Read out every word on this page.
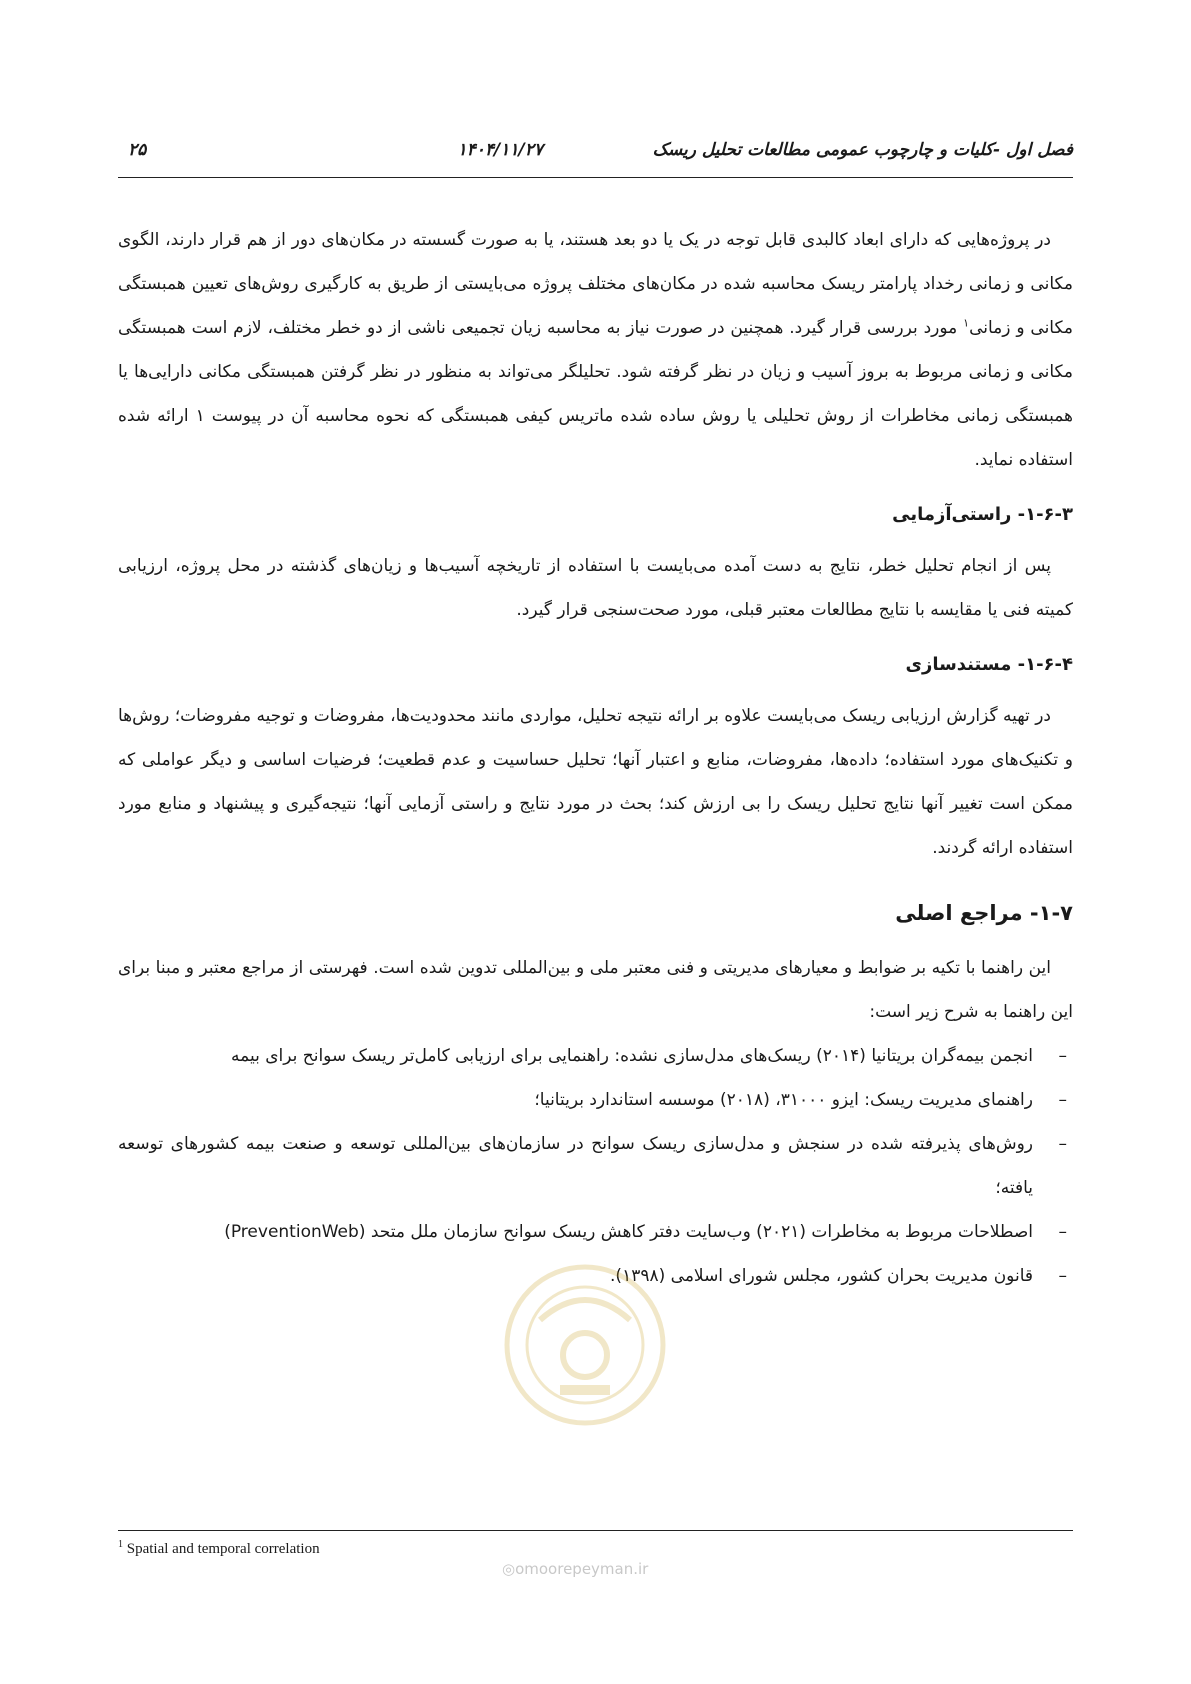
فصل اول -کلیات و چارچوب عمومی مطالعات تحلیل ریسک
۱۴۰۴/۱۱/۲۷
۲۵

در پروژه‌هایی که دارای ابعاد کالبدی قابل توجه در یک یا دو بعد هستند، یا به صورت گسسته در مکان‌های دور از هم قرار دارند، الگوی مکانی و زمانی رخداد پارامتر ریسک محاسبه شده در مکان‌های مختلف پروژه می‌بایستی از طریق به کارگیری روش‌های تعیین همبستگی مکانی و زمانی$^۱$ مورد بررسی قرار گیرد. همچنین در صورت نیاز به محاسبه زیان تجمیعی ناشی از دو خطر مختلف، لازم است همبستگی مکانی و زمانی مربوط به بروز آسیب و زیان در نظر گرفته شود. تحلیلگر می‌تواند به منظور در نظر گرفتن همبستگی مکانی دارایی‌ها یا همبستگی زمانی مخاطرات از روش تحلیلی یا روش ساده شده ماتریس کیفی همبستگی که نحوه محاسبه آن در پیوست ۱ ارائه شده استفاده نماید.

۱-۶-۳- راستی‌آزمایی

پس از انجام تحلیل خطر، نتایج به دست آمده می‌بایست با استفاده از تاریخچه آسیب‌ها و زیان‌های گذشته در محل پروژه، ارزیابی کمیته فنی یا مقایسه با نتایج مطالعات معتبر قبلی، مورد صحت‌سنجی قرار گیرد.

۱-۶-۴- مستندسازی

در تهیه گزارش ارزیابی ریسک می‌بایست علاوه بر ارائه نتیجه تحلیل، مواردی مانند محدودیت‌ها، مفروضات و توجیه مفروضات؛ روش‌ها و تکنیک‌های مورد استفاده؛ داده‌ها، مفروضات، منابع و اعتبار آنها؛ تحلیل حساسیت و عدم قطعیت؛ فرضیات اساسی و دیگر عواملی که ممکن است تغییر آنها نتایج تحلیل ریسک را بی ارزش کند؛ بحث در مورد نتایج و راستی آزمایی آنها؛ نتیجه‌گیری و پیشنهاد و منابع مورد استفاده ارائه گردند.

۱-۷- مراجع اصلی

این راهنما با تکیه بر ضوابط و معیارهای مدیریتی و فنی معتبر ملی و بین‌المللی تدوین شده است. فهرستی از مراجع معتبر و مبنا برای این راهنما به شرح زیر است:

–
انجمن بیمه‌گران بریتانیا (۲۰۱۴) ریسک‌های مدل‌سازی نشده: راهنمایی برای ارزیابی کامل‌تر ریسک سوانح برای بیمه
–
راهنمای مدیریت ریسک: ایزو ۳۱۰۰۰، (۲۰۱۸) موسسه استاندارد بریتانیا؛
–
روش‌های پذیرفته شده در سنجش و مدل‌سازی ریسک سوانح در سازمان‌های بین‌المللی توسعه و صنعت بیمه کشورهای توسعه یافته؛
–
اصطلاحات مربوط به مخاطرات (۲۰۲۱) وب‌سایت دفتر کاهش ریسک سوانح سازمان ملل متحد (PreventionWeb)
–
قانون مدیریت بحران کشور، مجلس شورای اسلامی (۱۳۹۸).
$^1$ Spatial and temporal correlation
◎omoorepeyman.ir
